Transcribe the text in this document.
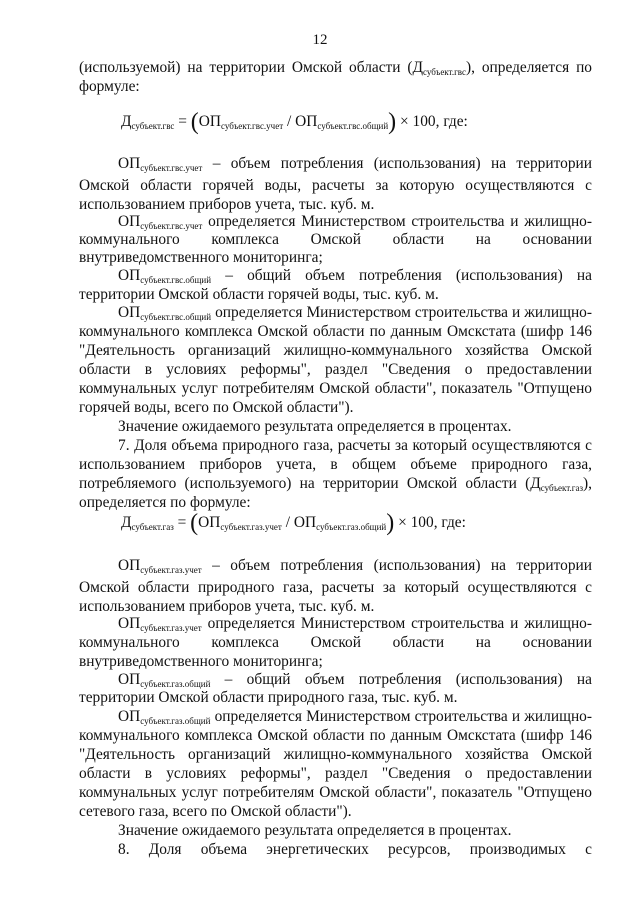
12
(используемой) на территории Омской области $(Д_{субъект.гвс})$, определяется по
формуле:
$Д_{субъект.гвс} = (ОП_{субъект.гвс.учет} / ОП_{субъект.гвс.общий}) \times 100$, где:
$ОП_{субъект.гвс.учет}$ – объем потребления (использования) на территории
Омской области горячей воды, расчеты за которую осуществляются с
использованием приборов учета, тыс. куб. м.
$ОП_{субъект.гвс.учет}$ определяется Министерством строительства и жилищно-
коммунального комплекса Омской области на основании
внутриведомственного мониторинга;
$ОП_{субъект.гвс.общий}$ – общий объем потребления (использования) на
территории Омской области горячей воды, тыс. куб. м.
$ОП_{субъект.гвс.общий}$ определяется Министерством строительства и жилищно-
коммунального комплекса Омской области по данным Омскстата (шифр 146
"Деятельность организаций жилищно-коммунального хозяйства Омской
области в условиях реформы", раздел "Сведения о предоставлении
коммунальных услуг потребителям Омской области", показатель "Отпущено
горячей воды, всего по Омской области").
Значение ожидаемого результата определяется в процентах.
7. Доля объема природного газа, расчеты за который осуществляются с
использованием приборов учета, в общем объеме природного газа,
потребляемого (используемого) на территории Омской области $(Д_{субъект.газ})$,
определяется по формуле:
$Д_{субъект.газ} = (ОП_{субъект.газ.учет} / ОП_{субъект.газ.общий}) \times 100$, где:
$ОП_{субъект.газ.учет}$ – объем потребления (использования) на территории
Омской области природного газа, расчеты за который осуществляются с
использованием приборов учета, тыс. куб. м.
$ОП_{субъект.газ.учет}$ определяется Министерством строительства и жилищно-
коммунального комплекса Омской области на основании
внутриведомственного мониторинга;
$ОП_{субъект.газ.общий}$ – общий объем потребления (использования) на
территории Омской области природного газа, тыс. куб. м.
$ОП_{субъект.газ.общий}$ определяется Министерством строительства и жилищно-
коммунального комплекса Омской области по данным Омскстата (шифр 146
"Деятельность организаций жилищно-коммунального хозяйства Омской
области в условиях реформы", раздел "Сведения о предоставлении
коммунальных услуг потребителям Омской области", показатель "Отпущено
сетевого газа, всего по Омской области").
Значение ожидаемого результата определяется в процентах.
8. Доля объема энергетических ресурсов, производимых с
